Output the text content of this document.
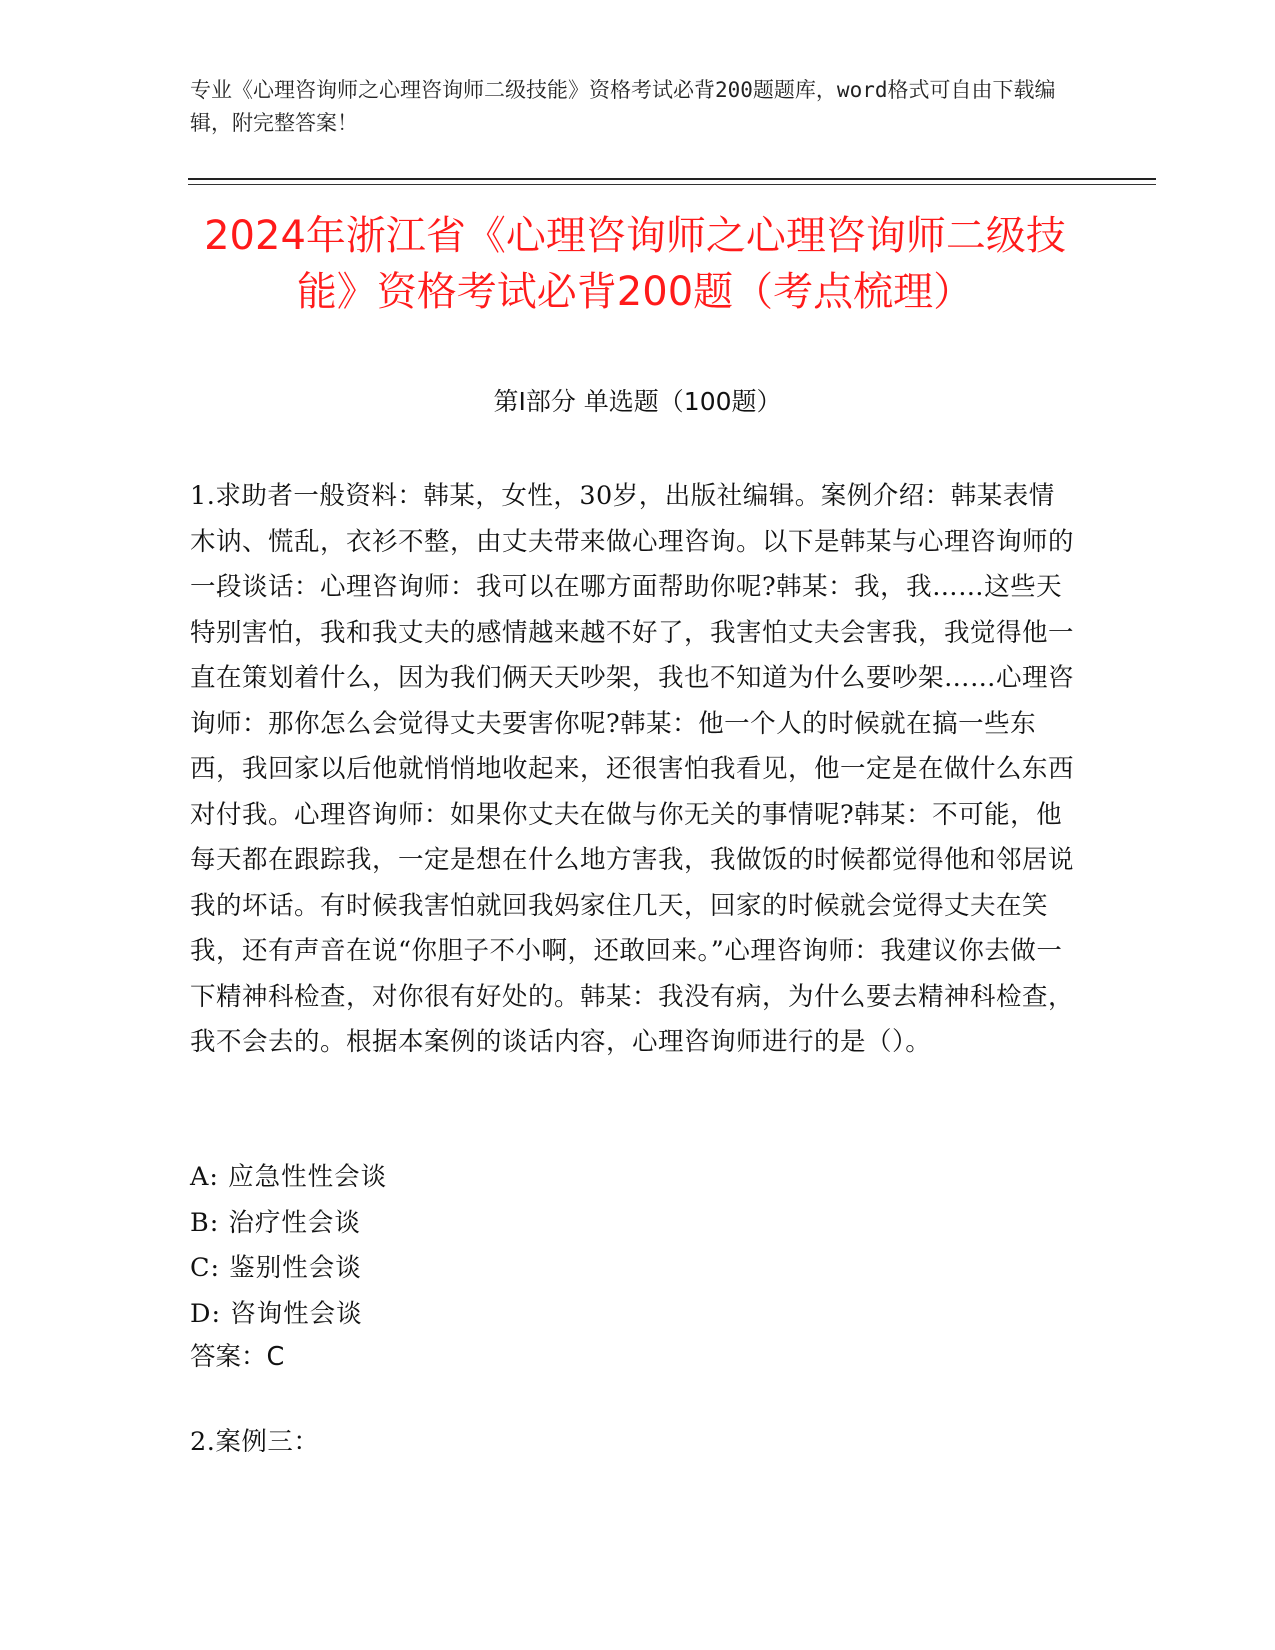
专业《心理咨询师之心理咨询师二级技能》资格考试必背200题题库，word格式可自由下载编辑，附完整答案！
2024年浙江省《心理咨询师之心理咨询师二级技能》资格考试必背200题（考点梳理）
第Ⅰ部分 单选题（100题）
1.求助者一般资料：韩某，女性，30岁，出版社编辑。案例介绍：韩某表情木讷、慌乱，衣衫不整，由丈夫带来做心理咨询。以下是韩某与心理咨询师的一段谈话：心理咨询师：我可以在哪方面帮助你呢?韩某：我，我……这些天特别害怕，我和我丈夫的感情越来越不好了，我害怕丈夫会害我，我觉得他一直在策划着什么，因为我们俩天天吵架，我也不知道为什么要吵架……心理咨询师：那你怎么会觉得丈夫要害你呢?韩某：他一个人的时候就在搞一些东西，我回家以后他就悄悄地收起来，还很害怕我看见，他一定是在做什么东西对付我。心理咨询师：如果你丈夫在做与你无关的事情呢?韩某：不可能，他每天都在跟踪我，一定是想在什么地方害我，我做饭的时候都觉得他和邻居说我的坏话。有时候我害怕就回我妈家住几天，回家的时候就会觉得丈夫在笑我，还有声音在说“你胆子不小啊，还敢回来。”心理咨询师：我建议你去做一下精神科检查，对你很有好处的。韩某：我没有病，为什么要去精神科检查，我不会去的。根据本案例的谈话内容，心理咨询师进行的是（）。
A: 应急性性会谈
B: 治疗性会谈
C: 鉴别性会谈
D: 咨询性会谈
答案：C
2.案例三：
